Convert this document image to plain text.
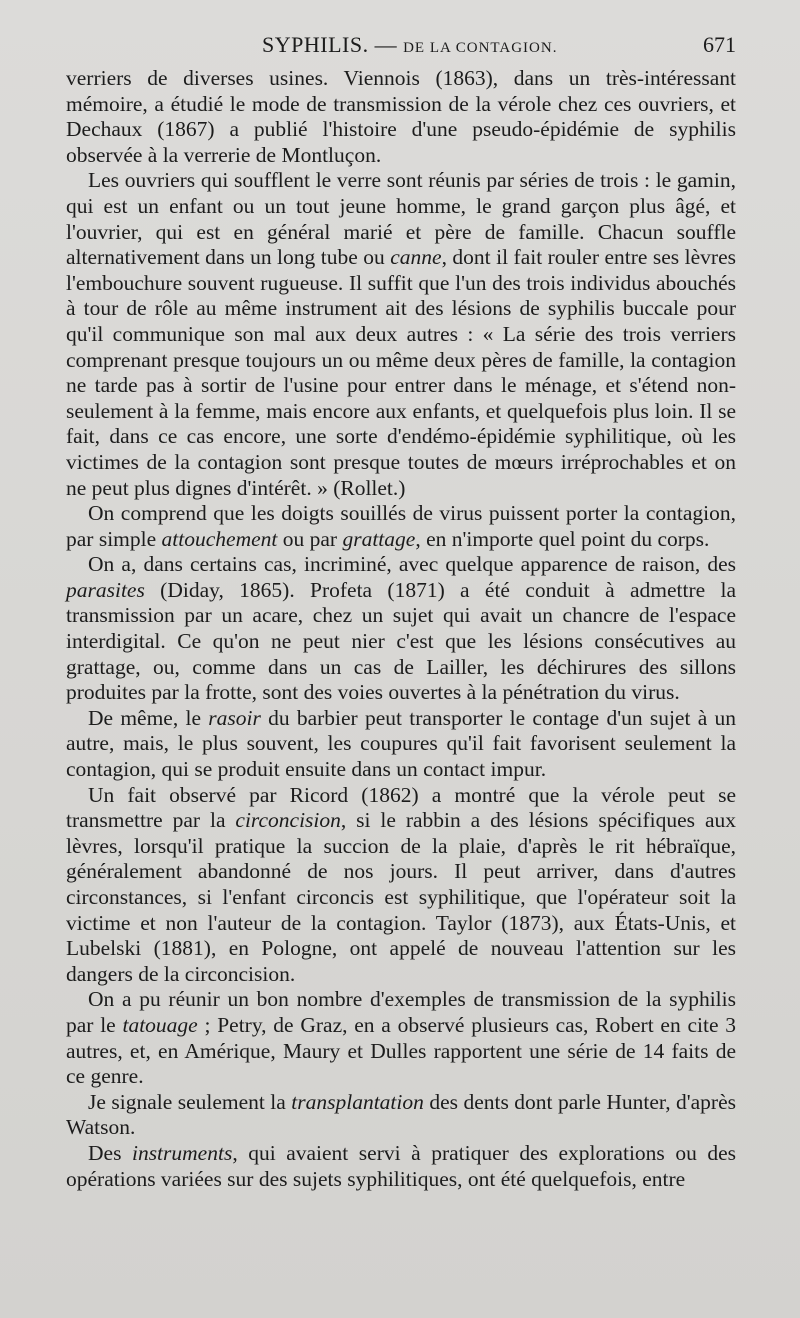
SYPHILIS. — DE LA CONTAGION.	671

verriers de diverses usines. Viennois (1863), dans un très-intéressant mémoire, a étudié le mode de transmission de la vérole chez ces ouvriers, et Dechaux (1867) a publié l'histoire d'une pseudo-épidémie de syphilis observée à la verrerie de Montluçon.

Les ouvriers qui soufflent le verre sont réunis par séries de trois : le gamin, qui est un enfant ou un tout jeune homme, le grand garçon plus âgé, et l'ouvrier, qui est en général marié et père de famille. Chacun souffle alternativement dans un long tube ou canne, dont il fait rouler entre ses lèvres l'embouchure souvent rugueuse. Il suffit que l'un des trois individus abouchés à tour de rôle au même instrument ait des lésions de syphilis buccale pour qu'il communique son mal aux deux autres : « La série des trois verriers comprenant presque toujours un ou même deux pères de famille, la contagion ne tarde pas à sortir de l'usine pour entrer dans le ménage, et s'étend non-seulement à la femme, mais encore aux enfants, et quelquefois plus loin. Il se fait, dans ce cas encore, une sorte d'endémo-épidémie syphilitique, où les victimes de la contagion sont presque toutes de mœurs irréprochables et on ne peut plus dignes d'intérêt. » (Rollet.)

On comprend que les doigts souillés de virus puissent porter la contagion, par simple attouchement ou par grattage, en n'importe quel point du corps.

On a, dans certains cas, incriminé, avec quelque apparence de raison, des parasites (Diday, 1865). Profeta (1871) a été conduit à admettre la transmission par un acare, chez un sujet qui avait un chancre de l'espace interdigital. Ce qu'on ne peut nier c'est que les lésions consécutives au grattage, ou, comme dans un cas de Lailler, les déchirures des sillons produites par la frotte, sont des voies ouvertes à la pénétration du virus.

De même, le rasoir du barbier peut transporter le contage d'un sujet à un autre, mais, le plus souvent, les coupures qu'il fait favorisent seulement la contagion, qui se produit ensuite dans un contact impur.

Un fait observé par Ricord (1862) a montré que la vérole peut se transmettre par la circoncision, si le rabbin a des lésions spécifiques aux lèvres, lorsqu'il pratique la succion de la plaie, d'après le rit hébraïque, généralement abandonné de nos jours. Il peut arriver, dans d'autres circonstances, si l'enfant circoncis est syphilitique, que l'opérateur soit la victime et non l'auteur de la contagion. Taylor (1873), aux États-Unis, et Lubelski (1881), en Pologne, ont appelé de nouveau l'attention sur les dangers de la circoncision.

On a pu réunir un bon nombre d'exemples de transmission de la syphilis par le tatouage ; Petry, de Graz, en a observé plusieurs cas, Robert en cite 3 autres, et, en Amérique, Maury et Dulles rapportent une série de 14 faits de ce genre.

Je signale seulement la transplantation des dents dont parle Hunter, d'après Watson.

Des instruments, qui avaient servi à pratiquer des explorations ou des opérations variées sur des sujets syphilitiques, ont été quelquefois, entre
